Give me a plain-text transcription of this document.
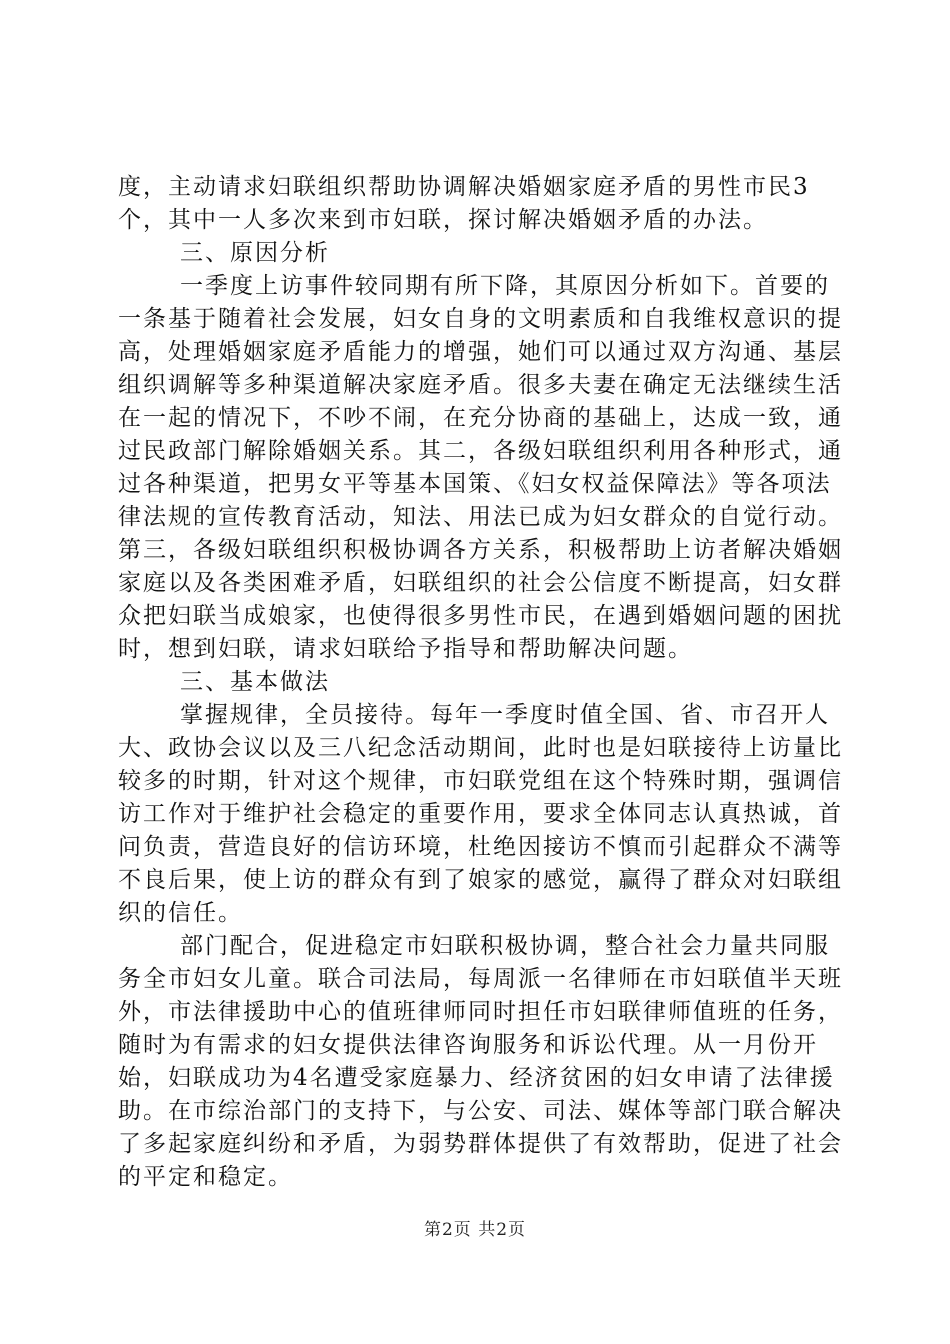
度，主动请求妇联组织帮助协调解决婚姻家庭矛盾的男性市民3个，其中一人多次来到市妇联，探讨解决婚姻矛盾的办法。

三、原因分析

一季度上访事件较同期有所下降，其原因分析如下。首要的一条基于随着社会发展，妇女自身的文明素质和自我维权意识的提高，处理婚姻家庭矛盾能力的增强，她们可以通过双方沟通、基层组织调解等多种渠道解决家庭矛盾。很多夫妻在确定无法继续生活在一起的情况下，不吵不闹，在充分协商的基础上，达成一致，通过民政部门解除婚姻关系。其二，各级妇联组织利用各种形式，通过各种渠道，把男女平等基本国策、《妇女权益保障法》等各项法律法规的宣传教育活动，知法、用法已成为妇女群众的自觉行动。第三，各级妇联组织积极协调各方关系，积极帮助上访者解决婚姻家庭以及各类困难矛盾，妇联组织的社会公信度不断提高，妇女群众把妇联当成娘家，也使得很多男性市民，在遇到婚姻问题的困扰时，想到妇联，请求妇联给予指导和帮助解决问题。

三、基本做法

掌握规律，全员接待。每年一季度时值全国、省、市召开人大、政协会议以及三八纪念活动期间，此时也是妇联接待上访量比较多的时期，针对这个规律，市妇联党组在这个特殊时期，强调信访工作对于维护社会稳定的重要作用，要求全体同志认真热诚，首问负责，营造良好的信访环境，杜绝因接访不慎而引起群众不满等不良后果，使上访的群众有到了娘家的感觉，赢得了群众对妇联组织的信任。

部门配合，促进稳定市妇联积极协调，整合社会力量共同服务全市妇女儿童。联合司法局，每周派一名律师在市妇联值半天班外，市法律援助中心的值班律师同时担任市妇联律师值班的任务，随时为有需求的妇女提供法律咨询服务和诉讼代理。从一月份开始，妇联成功为4名遭受家庭暴力、经济贫困的妇女申请了法律援助。在市综治部门的支持下，与公安、司法、媒体等部门联合解决了多起家庭纠纷和矛盾，为弱势群体提供了有效帮助，促进了社会的平定和稳定。

第2页 共2页
